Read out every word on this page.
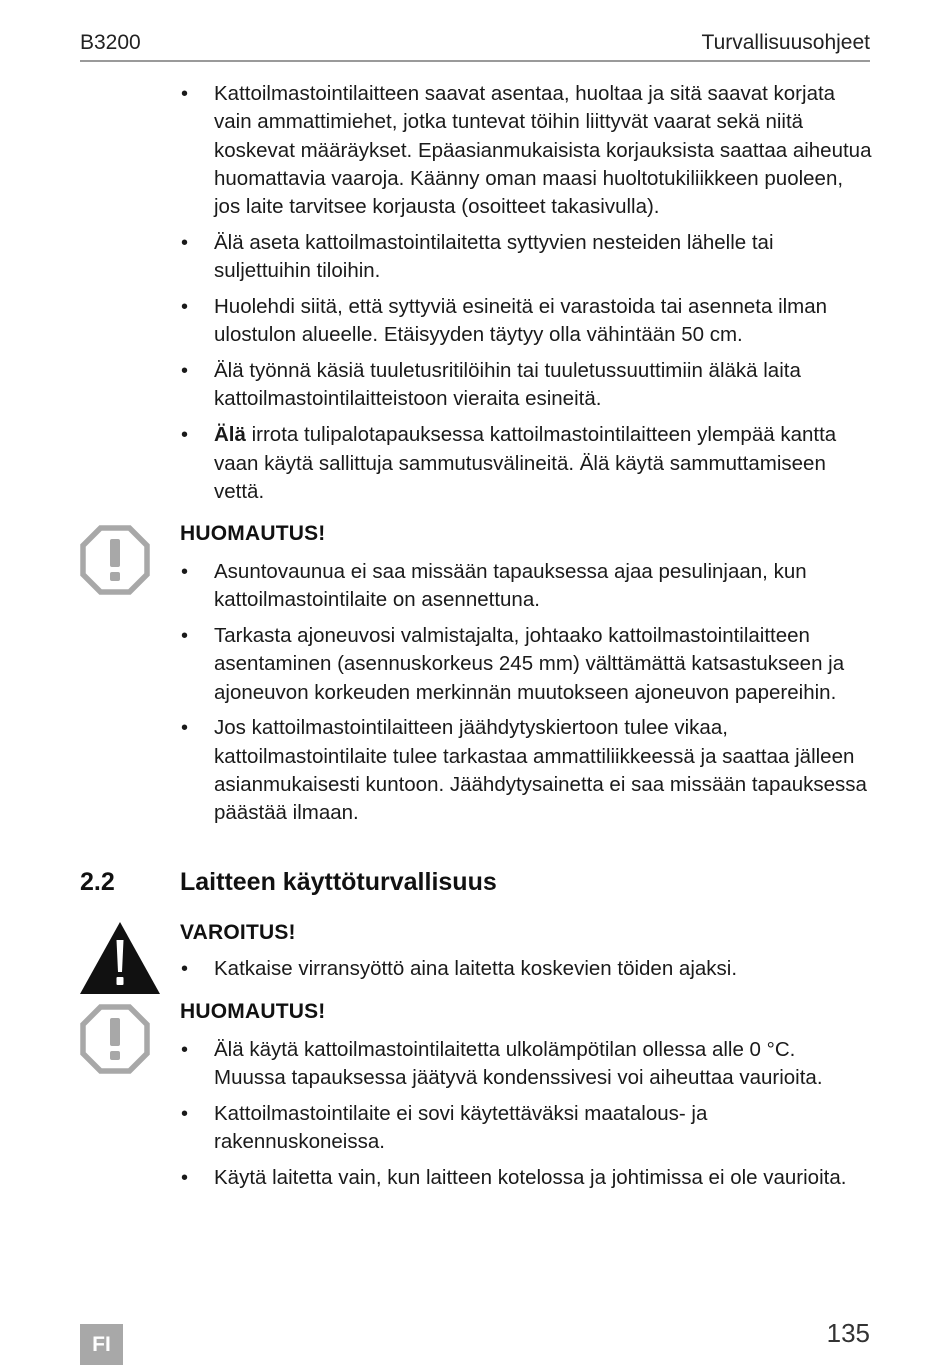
B3200	Turvallisuusohjeet
• Kattoilmastointilaitteen saavat asentaa, huoltaa ja sitä saavat korjata vain ammattimiehet, jotka tuntevat töihin liittyvät vaarat sekä niitä koskevat määräykset. Epäasianmukaisista korjauksista saattaa aiheutua huomattavia vaaroja. Käänny oman maasi huoltotukiliikkeen puoleen, jos laite tarvitsee korjausta (osoitteet takasivulla).
• Älä aseta kattoilmastointilaitetta syttyvien nesteiden lähelle tai suljettuihin tiloihin.
• Huolehdi siitä, että syttyviä esineitä ei varastoida tai asenneta ilman ulostulon alueelle. Etäisyyden täytyy olla vähintään 50 cm.
• Älä työnnä käsiä tuuletusritilöihin tai tuuletussuuttimiin äläkä laita kattoilmastointilaitteistoon vieraita esineitä.
• Älä irrota tulipalotapauksessa kattoilmastointilaitteen ylempää kantta vaan käytä sallittuja sammutusvälineitä. Älä käytä sammuttamiseen vettä.
HUOMAUTUS!
• Asuntovaunua ei saa missään tapauksessa ajaa pesulinjaan, kun kattoilmastointilaite on asennettuna.
• Tarkasta ajoneuvosi valmistajalta, johtaako kattoilmastointilaitteen asentaminen (asennuskorkeus 245 mm) välttämättä katsastukseen ja ajoneuvon korkeuden merkinnän muutokseen ajoneuvon papereihin.
• Jos kattoilmastointilaitteen jäähdytyskiertoon tulee vikaa, kattoilmastointilaite tulee tarkastaa ammattiliikkeessä ja saattaa jälleen asianmukaisesti kuntoon. Jäähdytysainetta ei saa missään tapauksessa päästää ilmaan.
2.2	Laitteen käyttöturvallisuus
VAROITUS!
• Katkaise virransyöttö aina laitetta koskevien töiden ajaksi.
HUOMAUTUS!
• Älä käytä kattoilmastointilaitetta ulkolämpötilan ollessa alle 0 °C. Muussa tapauksessa jäätyvä kondenssivesi voi aiheuttaa vaurioita.
• Kattoilmastointilaite ei sovi käytettäväksi maatalous- ja rakennuskoneissa.
• Käytä laitetta vain, kun laitteen kotelossa ja johtimissa ei ole vaurioita.
FI	135
